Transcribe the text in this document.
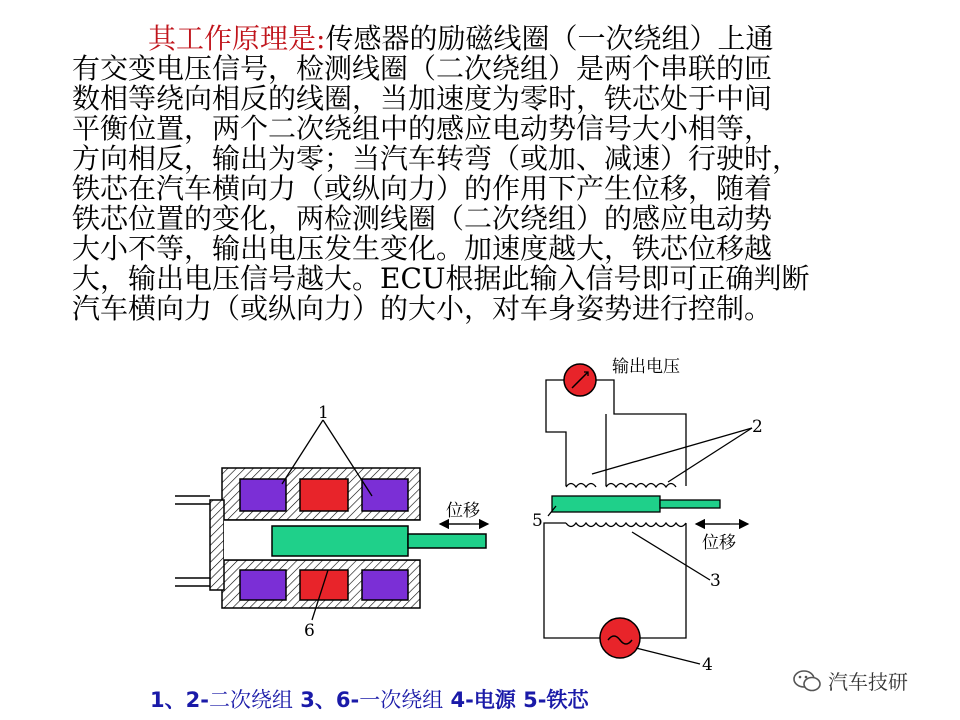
其工作原理是:传感器的励磁线圈（一次绕组）上通
有交变电压信号，检测线圈（二次绕组）是两个串联的匝
数相等绕向相反的线圈，当加速度为零时，铁芯处于中间
平衡位置，两个二次绕组中的感应电动势信号大小相等，
方向相反，输出为零；当汽车转弯（或加、减速）行驶时，
铁芯在汽车横向力（或纵向力）的作用下产生位移，随着
铁芯位置的变化，两检测线圈（二次绕组）的感应电动势
大小不等，输出电压发生变化。加速度越大，铁芯位移越
大，输出电压信号越大。ECU根据此输入信号即可正确判断
汽车横向力（或纵向力）的大小，对车身姿势进行控制。
1
6
位移
输出电压
2
5
位移
3
4
1、2-二次绕组 3、6-一次绕组 4-电源 5-铁芯
汽车技研
